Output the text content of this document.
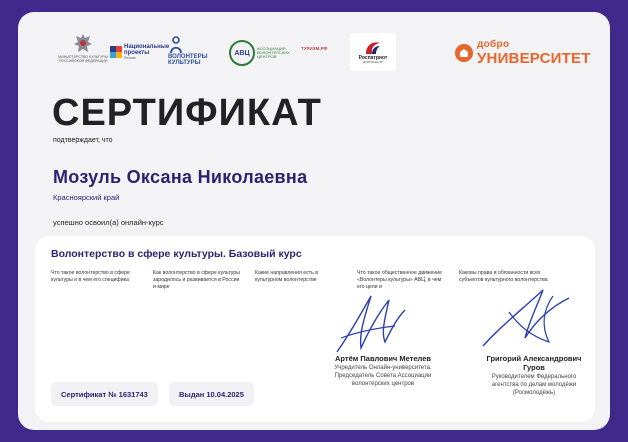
МИНИСТЕРСТВО КУЛЬТУРЫ РОССИЙСКОЙ ФЕДЕРАЦИИ
Национальные
проекты
России	ВОЛОНТЕРЫ
КУЛЬТУРЫ
АВЦ
АССОЦИАЦИЯ ВОЛОНТЕРСКИХ ЦЕНТРОВ
ТУРИЗМ.РФ
Роспатриот
ДОБРОЦЕНТР
добро
УНИВЕРСИТЕТ
СЕРТИФИКАТ
подтверждает, что
Мозуль Оксана Николаевна
Красноярский край
успешно освоил(а) онлайн-курс
Волонтерство в сфере культуры. Базовый курс
Что такое волонтерство в сфере культуры и в чем его специфика
Как волонтерство в сфере культуры зародилось и развивается в России и мире
Какие направления есть в культурном волонтерстве
Что такое общественное движение «Волонтеры культуры» АВЦ, в чем его цели и
Каковы права и обязанности всех субъектов культурного волонтерства
Артём Павлович Метелев
Учредитель Онлайн-университета, Председатель Совета Ассоциации волонтерских центров
Григорий Александрович Гуров
Руководителем Федерального агентства по делам молодёжи (Росмолодёжь)
Сертификат № 1631743	Выдан 10.04.2025
